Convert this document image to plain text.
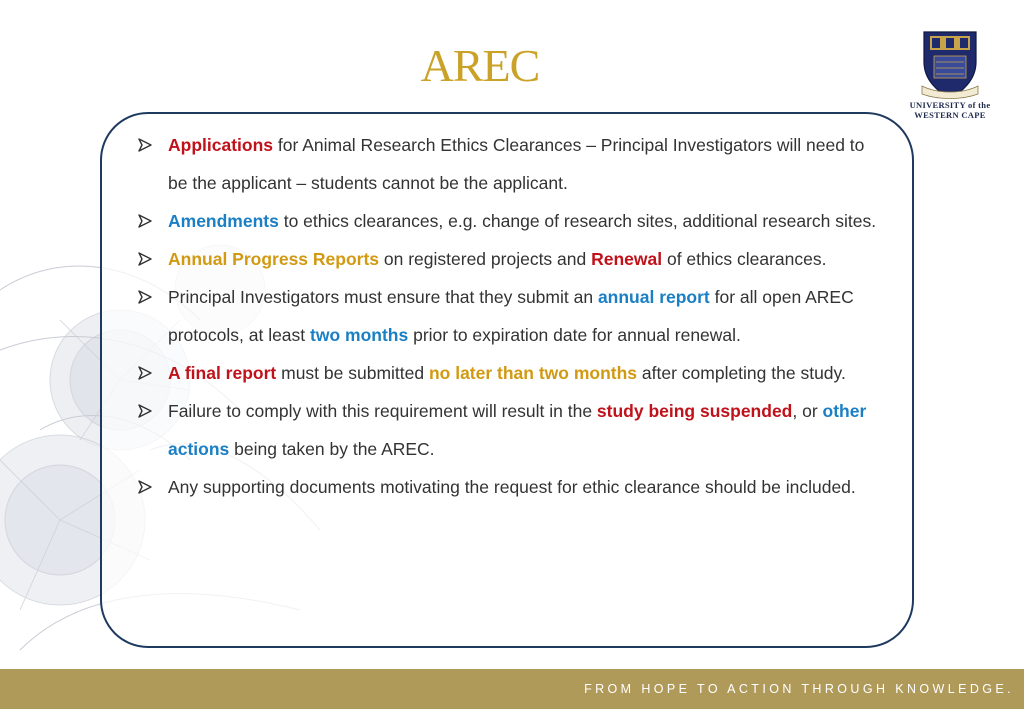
AREC
UNIVERSITY of the
WESTERN CAPE
Applications for Animal Research Ethics Clearances – Principal Investigators will need to be the applicant – students cannot be the applicant.
Amendments to ethics clearances, e.g. change of research sites, additional research sites.
Annual Progress Reports on registered projects and Renewal of ethics clearances.
Principal Investigators must ensure that they submit an annual report for all open AREC protocols, at least two months prior to expiration date for annual renewal.
A final report must be submitted no later than two months after completing the study.
Failure to comply with this requirement will result in the study being suspended, or other actions being taken by the AREC.
Any supporting documents motivating the request for ethic clearance should be included.
FROM HOPE TO ACTION THROUGH KNOWLEDGE.
